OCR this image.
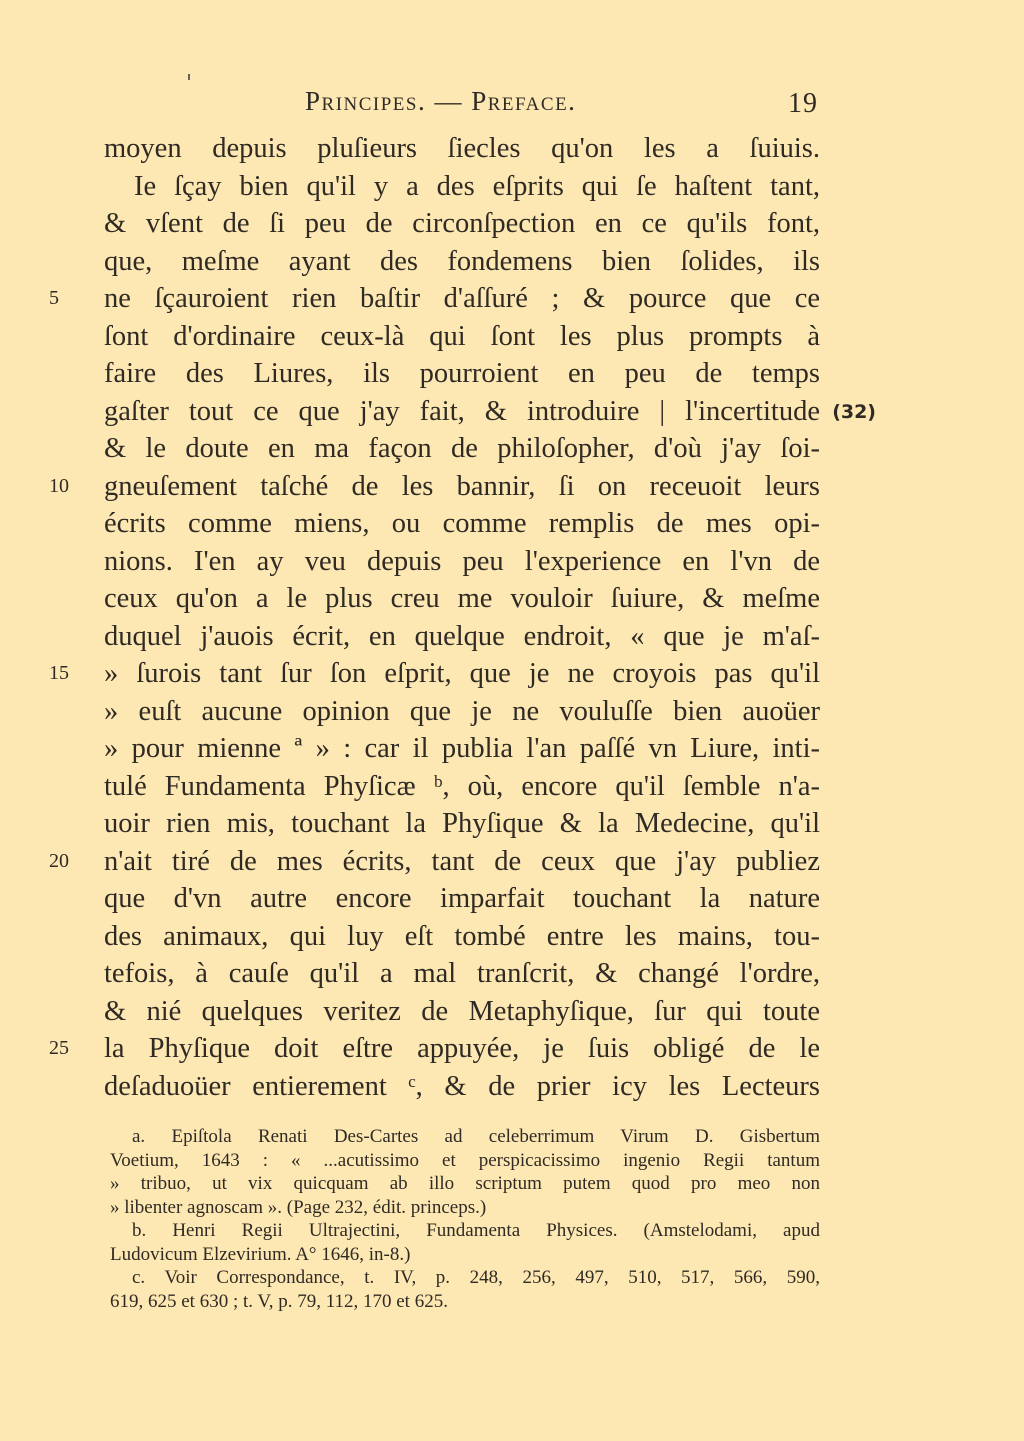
Principes. — Preface.	19
moyen depuis pluſieurs ſiecles qu'on les a ſuiuis.
Ie ſçay bien qu'il y a des eſprits qui ſe haſtent tant,
& vſent de ſi peu de circonſpection en ce qu'ils font,
que, meſme ayant des fondemens bien ſolides, ils
5	ne ſçauroient rien baſtir d'aſſuré ; & pource que ce
ſont d'ordinaire ceux-là qui ſont les plus prompts à
faire des Liures, ils pourroient en peu de temps
gaſter tout ce que j'ay fait, & introduire | l'incertitude (32)
& le doute en ma façon de philoſopher, d'où j'ay ſoi-
10	gneuſement taſché de les bannir, ſi on receuoit leurs
écrits comme miens, ou comme remplis de mes opi-
nions. I'en ay veu depuis peu l'experience en l'vn de
ceux qu'on a le plus creu me vouloir ſuiure, & meſme
duquel j'auois écrit, en quelque endroit, « que je m'aſ-
15	» ſurois tant ſur ſon eſprit, que je ne croyois pas qu'il
» euſt aucune opinion que je ne vouluſſe bien auoüer
» pour mienne ª » : car il publia l'an paſſé vn Liure, inti-
tulé Fundamenta Phyſicæ ᵇ, où, encore qu'il ſemble n'a-
uoir rien mis, touchant la Phyſique & la Medecine, qu'il
20	n'ait tiré de mes écrits, tant de ceux que j'ay publiez
que d'vn autre encore imparfait touchant la nature
des animaux, qui luy eſt tombé entre les mains, tou-
tefois, à cauſe qu'il a mal tranſcrit, & changé l'ordre,
& nié quelques veritez de Metaphyſique, ſur qui toute
25	la Phyſique doit eſtre appuyée, je ſuis obligé de le
deſaduoüer entierement ᶜ, & de prier icy les Lecteurs
a. Epiſtola Renati Des-Cartes ad celeberrimum Virum D. Gisbertum
Voetium, 1643 : « ...acutissimo et perspicacissimo ingenio Regii tantum
» tribuo, ut vix quicquam ab illo scriptum putem quod pro meo non
» libenter agnoscam ». (Page 232, édit. princeps.)
b. Henri Regii Ultrajectini, Fundamenta Physices. (Amstelodami, apud
Ludovicum Elzevirium. A° 1646, in-8.)
c. Voir Correspondance, t. IV, p. 248, 256, 497, 510, 517, 566, 590,
619, 625 et 630 ; t. V, p. 79, 112, 170 et 625.
